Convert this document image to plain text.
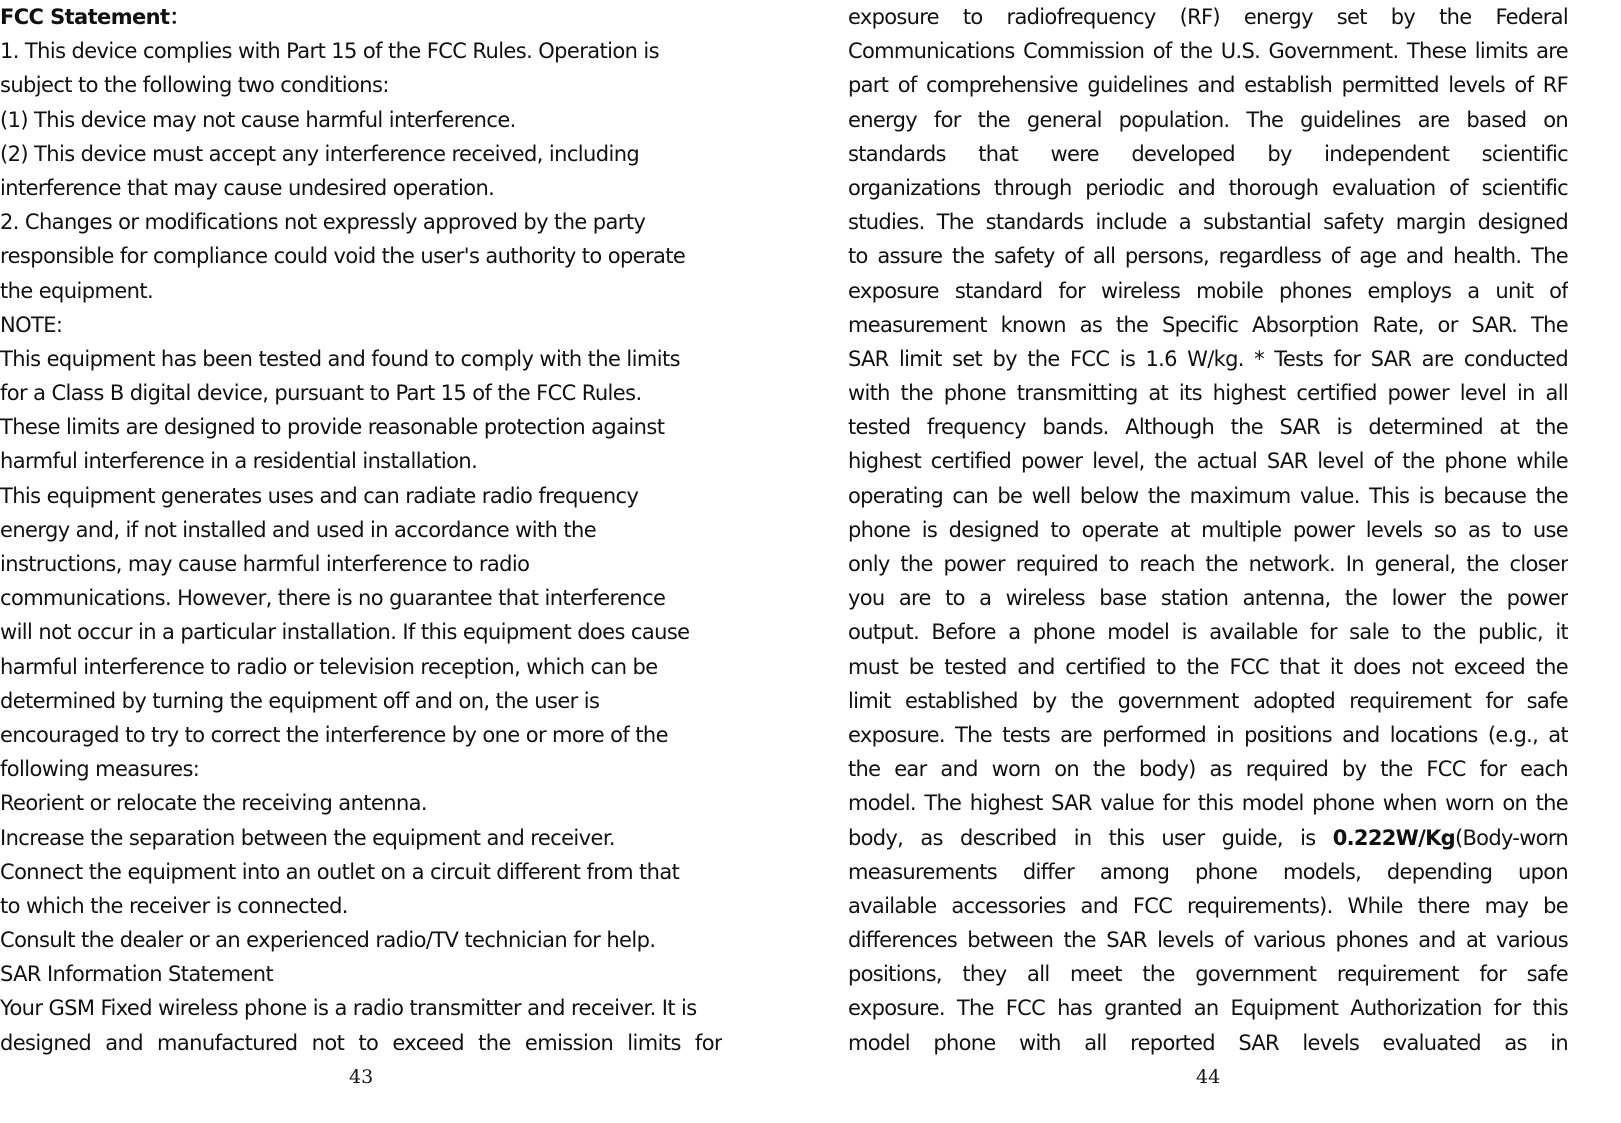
FCC Statement：
1. This device complies with Part 15 of the FCC Rules. Operation is
subject to the following two conditions:
(1) This device may not cause harmful interference.
(2) This device must accept any interference received, including
interference that may cause undesired operation.
2. Changes or modifications not expressly approved by the party
responsible for compliance could void the user's authority to operate
the equipment.
NOTE:
This equipment has been tested and found to comply with the limits
for a Class B digital device, pursuant to Part 15 of the FCC Rules.
These limits are designed to provide reasonable protection against
harmful interference in a residential installation.
This equipment generates uses and can radiate radio frequency
energy and, if not installed and used in accordance with the
instructions, may cause harmful interference to radio
communications. However, there is no guarantee that interference
will not occur in a particular installation. If this equipment does cause
harmful interference to radio or television reception, which can be
determined by turning the equipment off and on, the user is
encouraged to try to correct the interference by one or more of the
following measures:
Reorient or relocate the receiving antenna.
Increase the separation between the equipment and receiver.
Connect the equipment into an outlet on a circuit different from that
to which the receiver is connected.
Consult the dealer or an experienced radio/TV technician for help.
SAR Information Statement
Your GSM Fixed wireless phone is a radio transmitter and receiver. It is
designed and manufactured not to exceed the emission limits for
exposure to radiofrequency (RF) energy set by the Federal
Communications Commission of the U.S. Government. These limits are
part of comprehensive guidelines and establish permitted levels of RF
energy for the general population. The guidelines are based on
standards that were developed by independent scientific
organizations through periodic and thorough evaluation of scientific
studies. The standards include a substantial safety margin designed
to assure the safety of all persons, regardless of age and health. The
exposure standard for wireless mobile phones employs a unit of
measurement known as the Specific Absorption Rate, or SAR. The
SAR limit set by the FCC is 1.6 W/kg. * Tests for SAR are conducted
with the phone transmitting at its highest certified power level in all
tested frequency bands. Although the SAR is determined at the
highest certified power level, the actual SAR level of the phone while
operating can be well below the maximum value. This is because the
phone is designed to operate at multiple power levels so as to use
only the power required to reach the network. In general, the closer
you are to a wireless base station antenna, the lower the power
output. Before a phone model is available for sale to the public, it
must be tested and certified to the FCC that it does not exceed the
limit established by the government adopted requirement for safe
exposure. The tests are performed in positions and locations (e.g., at
the ear and worn on the body) as required by the FCC for each
model. The highest SAR value for this model phone when worn on the
body, as described in this user guide, is 0.222W/Kg(Body-worn
measurements differ among phone models, depending upon
available accessories and FCC requirements). While there may be
differences between the SAR levels of various phones and at various
positions, they all meet the government requirement for safe
exposure. The FCC has granted an Equipment Authorization for this
model phone with all reported SAR levels evaluated as in
43	44
